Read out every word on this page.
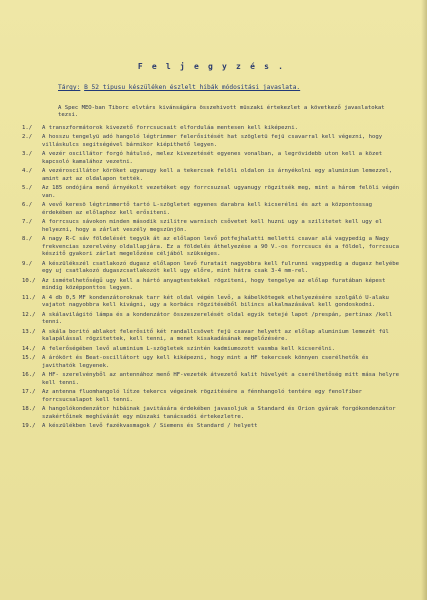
F e l j e g y z é s .
Tárgy: B 52 tipusu készüléken észlelt hibák módositási javaslata.
A Spec MEO-ban Tiborc elvtárs kivánságára összehivott müszaki értekezlet a következő javaslatokat tezsi.
1./	A transzformátorok kivezető forrcsucsait elforduláa mentesen kell kiképezni.
2./	A hosszu tengelyü adó hangoló légtrimmer felerősitését hat szögletü fejü csavarral kell végezni, hogy villáskulcs segitségével bármikor kiépithető legyen.
3./	A vezér oscillátor forgó hátulsó, melez kivezetését egyenes vonalban, a legrövidebb uton kell a közet kapcsoló kamalához vezetni.
4./	A vezéroscillátor köröket ugyanugy kell a tekercsek felöli oldalon is árnyékolni egy aluminium lemezzel, amint azt az oldalapon tették.
5./	Az 185 ondójára menő árnyékolt vezetéket egy forrcsuzsal ugyanugy rögzitsék meg, mint a három felöli végén van.
6./	A vevő keresö légtrimmertő tartó L-szögletet egyenes darabra kell kicserélni és azt a központossag érdekében az előlaphoz kell erősiteni.
7./	A forrcsucs sávokon minden második szilitre warnisch csővetet kell huzni ugy a szilitetet kell ugy el helyezni, hogy a zárlat veszély megszünjön.
8./	A nagy R-C sáv földelését tegyük át az előlapon levő potfejhalatti melletti csavar alá vagypedig a Nagy frekvencias szerelvény oldallapjára. Ez a földelés áthelyezése a 90 V.-os forrcsucs és a földel, forrcsuca készitő gyakori zárlat megelőzése céljából szükséges.
9./	A készülékszél csatlakozó dugasz előlapon levő furatait nagyobbra kell fulrunni vagypedig a dugasz helyébe egy uj csatlakozó dugaszcsatlakozót kell ugy előre, mint hátra csak 3-4 mm-rel.
10./	Az ismételhetőségű ugy kell a hártó anyagtestekkel rögziteni, hogy tengelye az előlap furatában képest mindig középponttos legyen.
11./	A 4 db 0,5 MF kondenzátoroknak tarr két oldal végén levő, a kábelkötegek elhelyezésére szolgáló U-alaku vajatot nagyobbra kell kivágni, ugy a korbács rögzitéséből bilincs alkalmazásával kell gondoskodni.
12./	A skálavilágitó lámpa és a kondenzátor összeszerelését oldal egyik tetejé lapot /prespán, pertinax /kell tenni.
13./	A skála boritó ablakot felerősitő két randallcsövet fejü csavar helyett az előlap aluminium lemezét fül kalapálással rögzitettek, kell tenni, a menet kisakadásának megelőzésére.
14./	A felerőségében levő aluminium L-szögletek szintén kadmiumozott vasmba kell kicserélni.
15./	A árókört és Beat-oscillátort ugy kell kiképezni, hogy mint a HF tekercsek könnyen cserélhetők és javithatók legyenek.
16./	A HF- szerelvényből az antennához menő HF-vezeték átvezető kalit hüvelyét a cserélhetőség mitt mása helyre kell tenni.
17./	Az antenna fluomhangoló lítze tekercs végeinek rögzitésére a fénnhangoló tentére egy fenolfiber forrcsucsalapot kell tenni.
18./	A hangolókondenzátor hibáinak javitására érdekében javasoljuk a Standard és Orion gyárak forgókondenzátor szakértőinek meghívását egy müszaki tanácsadói értekezletre.
19./	A készülékben levő fazékvasmagok / Siemens és Standard / helyett
